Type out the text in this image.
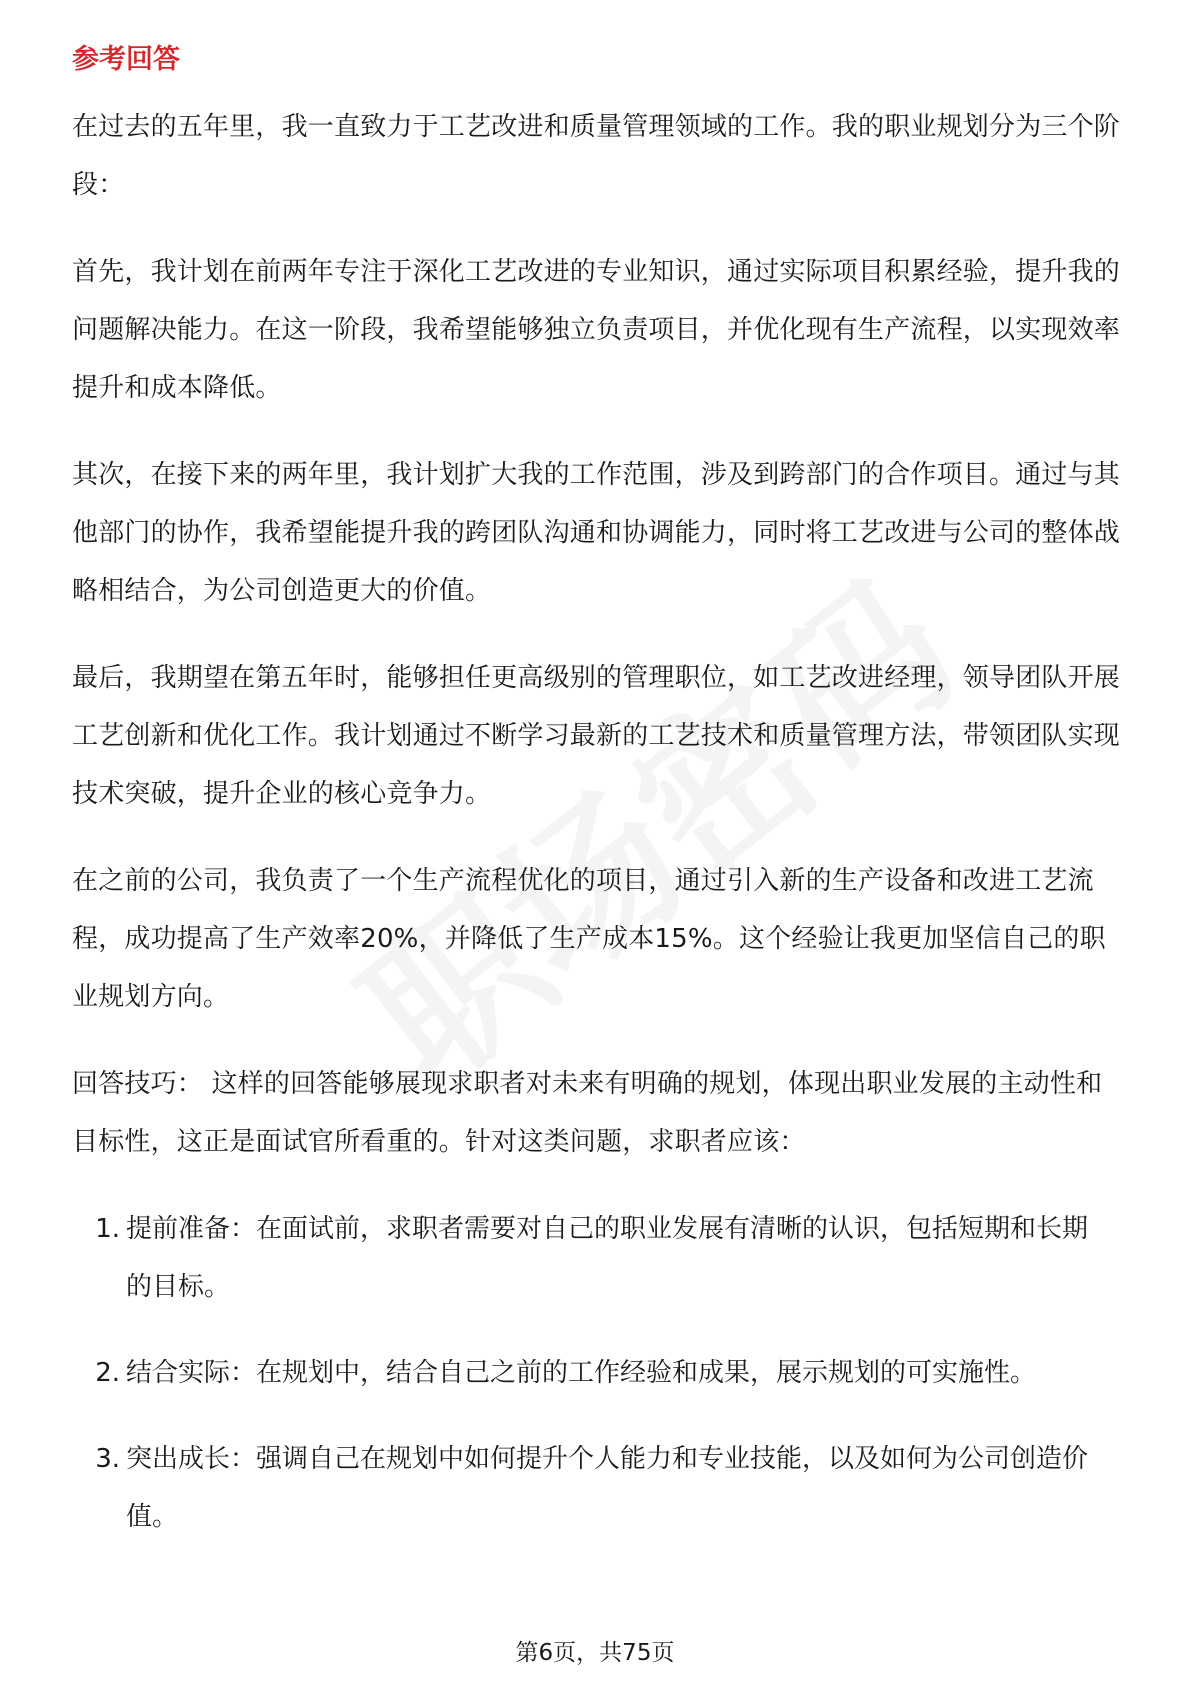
参考回答

在过去的五年里，我一直致力于工艺改进和质量管理领域的工作。我的职业规划分为三个阶段：

首先，我计划在前两年专注于深化工艺改进的专业知识，通过实际项目积累经验，提升我的问题解决能力。在这一阶段，我希望能够独立负责项目，并优化现有生产流程，以实现效率提升和成本降低。

其次，在接下来的两年里，我计划扩大我的工作范围，涉及到跨部门的合作项目。通过与其他部门的协作，我希望能提升我的跨团队沟通和协调能力，同时将工艺改进与公司的整体战略相结合，为公司创造更大的价值。

最后，我期望在第五年时，能够担任更高级别的管理职位，如工艺改进经理，领导团队开展工艺创新和优化工作。我计划通过不断学习最新的工艺技术和质量管理方法，带领团队实现技术突破，提升企业的核心竞争力。

在之前的公司，我负责了一个生产流程优化的项目，通过引入新的生产设备和改进工艺流程，成功提高了生产效率20%，并降低了生产成本15%。这个经验让我更加坚信自己的职业规划方向。

回答技巧： 这样的回答能够展现求职者对未来有明确的规划，体现出职业发展的主动性和目标性，这正是面试官所看重的。针对这类问题，求职者应该：

1. 提前准备：在面试前，求职者需要对自己的职业发展有清晰的认识，包括短期和长期的目标。
2. 结合实际：在规划中，结合自己之前的工作经验和成果，展示规划的可实施性。
3. 突出成长：强调自己在规划中如何提升个人能力和专业技能，以及如何为公司创造价值。
第6页，共75页
